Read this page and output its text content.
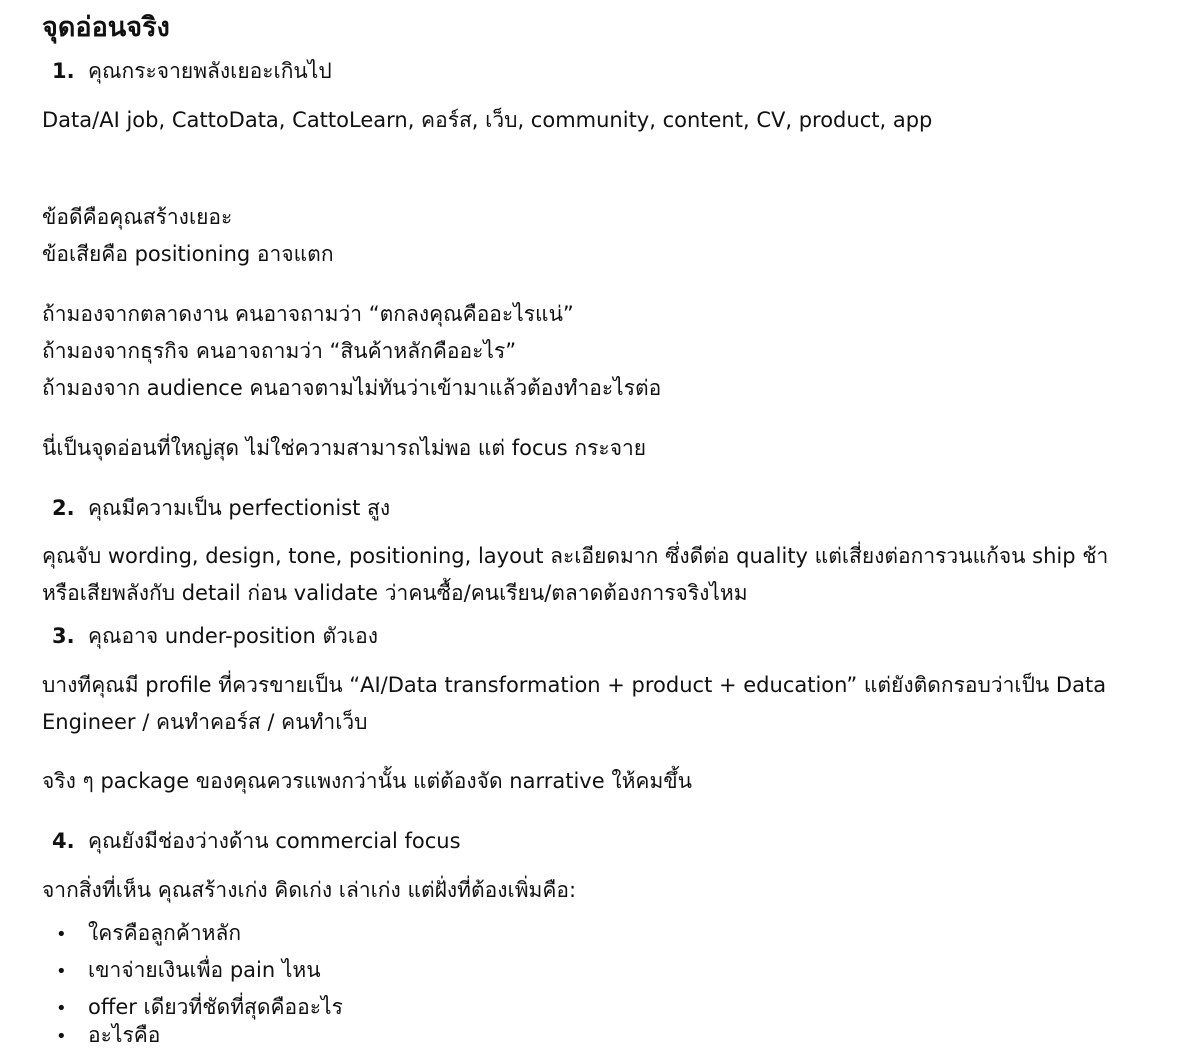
จุดอ่อนจริง
1. คุณกระจายพลังเยอะเกินไป
Data/AI job, CattoData, CattoLearn, คอร์ส, เว็บ, community, content, CV, product, app
ข้อดีคือคุณสร้างเยอะ
ข้อเสียคือ positioning อาจแตก
ถ้ามองจากตลาดงาน คนอาจถามว่า “ตกลงคุณคืออะไรแน่”
ถ้ามองจากธุรกิจ คนอาจถามว่า “สินค้าหลักคืออะไร”
ถ้ามองจาก audience คนอาจตามไม่ทันว่าเข้ามาแล้วต้องทำอะไรต่อ
นี่เป็นจุดอ่อนที่ใหญ่สุด ไม่ใช่ความสามารถไม่พอ แต่ focus กระจาย
2. คุณมีความเป็น perfectionist สูง
คุณจับ wording, design, tone, positioning, layout ละเอียดมาก ซึ่งดีต่อ quality แต่เสี่ยงต่อการวนแก้จน ship ช้า
หรือเสียพลังกับ detail ก่อน validate ว่าคนซื้อ/คนเรียน/ตลาดต้องการจริงไหม
3. คุณอาจ under-position ตัวเอง
บางทีคุณมี profile ที่ควรขายเป็น “AI/Data transformation + product + education” แต่ยังติดกรอบว่าเป็น Data
Engineer / คนทำคอร์ส / คนทำเว็บ
จริง ๆ package ของคุณควรแพงกว่านั้น แต่ต้องจัด narrative ให้คมขึ้น
4. คุณยังมีช่องว่างด้าน commercial focus
จากสิ่งที่เห็น คุณสร้างเก่ง คิดเก่ง เล่าเก่ง แต่ฝั่งที่ต้องเพิ่มคือ:
• ใครคือลูกค้าหลัก
• เขาจ่ายเงินเพื่อ pain ไหน
• offer เดียวที่ชัดที่สุดคืออะไร
• อะไรคือ
